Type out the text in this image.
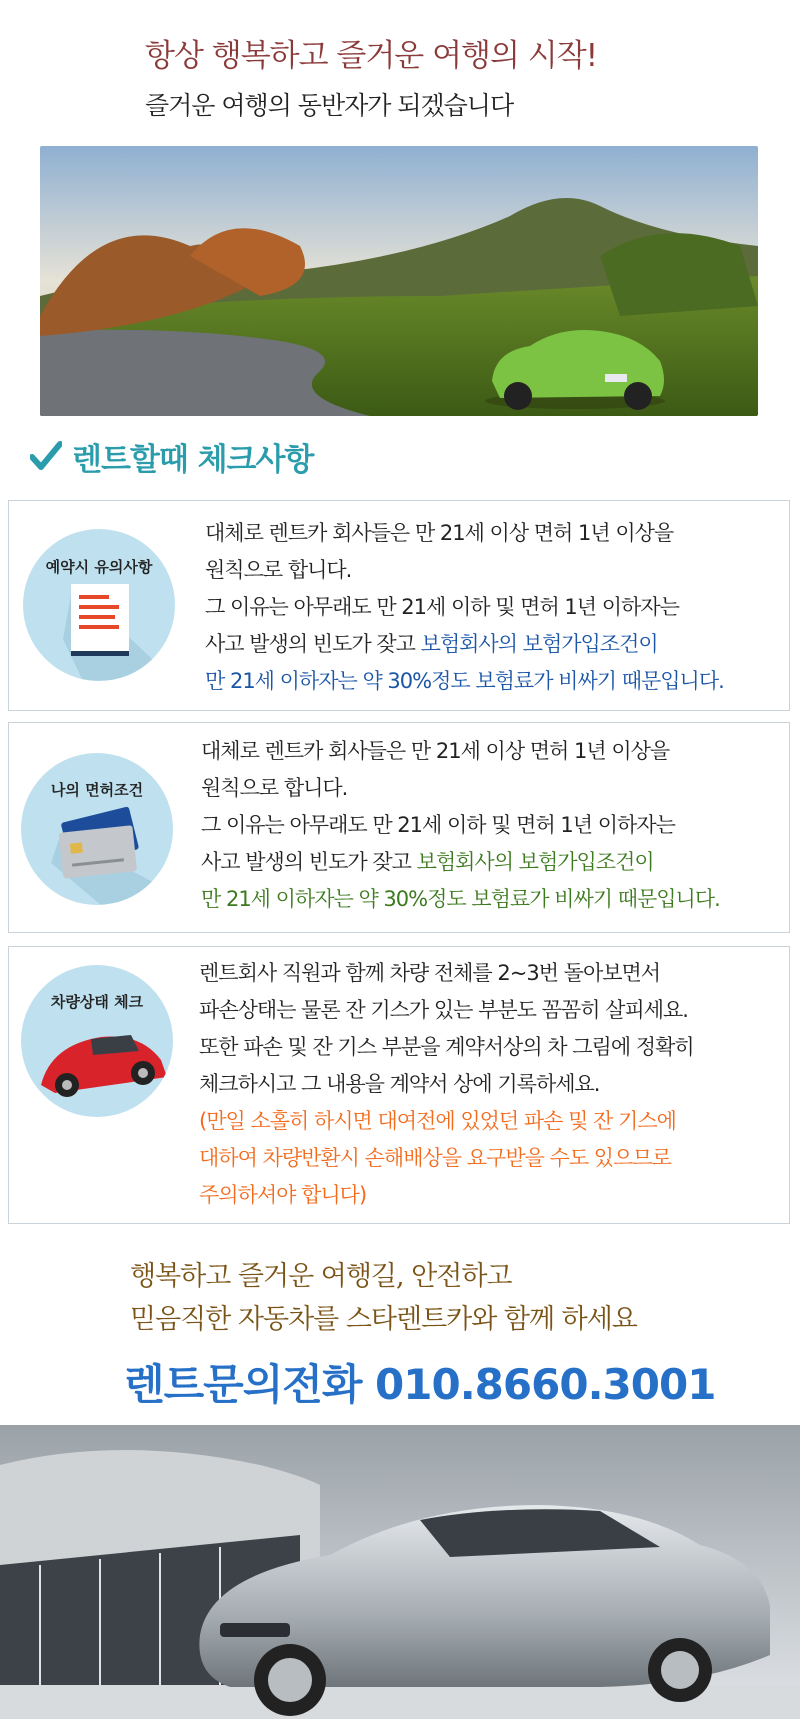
항상 행복하고 즐거운 여행의 시작!
즐거운 여행의 동반자가 되겠습니다
렌트할때 체크사항
예약시 유의사항
대체로 렌트카 회사들은 만 21세 이상 면허 1년 이상을
원칙으로 합니다.
그 이유는 아무래도 만 21세 이하 및 면허 1년 이하자는
사고 발생의 빈도가 잦고 보험회사의 보험가입조건이
만 21세 이하자는 약 30%정도 보험료가 비싸기 때문입니다.
나의 면허조건
대체로 렌트카 회사들은 만 21세 이상 면허 1년 이상을
원칙으로 합니다.
그 이유는 아무래도 만 21세 이하 및 면허 1년 이하자는
사고 발생의 빈도가 잦고 보험회사의 보험가입조건이
만 21세 이하자는 약 30%정도 보험료가 비싸기 때문입니다.
차량상태 체크
렌트회사 직원과 함께 차량 전체를 2~3번 돌아보면서
파손상태는 물론 잔 기스가 있는 부분도 꼼꼼히 살피세요.
또한 파손 및 잔 기스 부분을 계약서상의 차 그림에 정확히
체크하시고 그 내용을 계약서 상에 기록하세요.
(만일 소홀히 하시면 대여전에 있었던 파손 및 잔 기스에
대하여 차량반환시 손해배상을 요구받을 수도 있으므로
주의하셔야 합니다)
행복하고 즐거운 여행길, 안전하고
믿음직한 자동차를 스타렌트카와 함께 하세요
렌트문의전화 010.8660.3001
